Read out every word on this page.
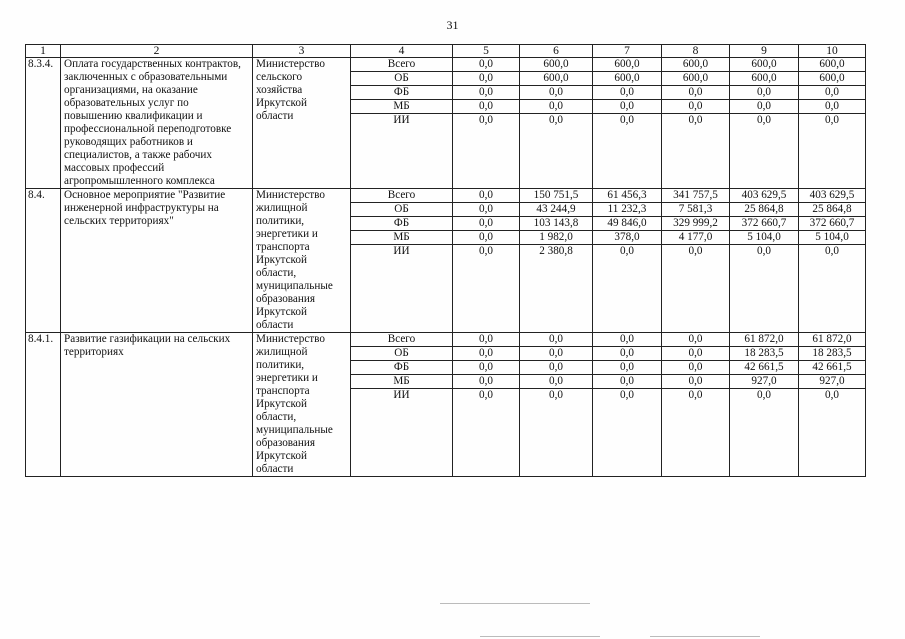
31
1	2	3	4	5	6	7	8	9	10
8.3.4.	Оплата государственных контрактов, заключенных с образовательными организациями, на оказание образовательных услуг по повышению квалификации и профессиональной переподготовке руководящих работников и специалистов, а также рабочих массовых профессий агропромышленного комплекса	Министерство сельского хозяйства Иркутской области	Всего	0,0	600,0	600,0	600,0	600,0	600,0
			ОБ	0,0	600,0	600,0	600,0	600,0	600,0
			ФБ	0,0	0,0	0,0	0,0	0,0	0,0
			МБ	0,0	0,0	0,0	0,0	0,0	0,0
			ИИ	0,0	0,0	0,0	0,0	0,0	0,0

8.4.	Основное мероприятие "Развитие инженерной инфраструктуры на сельских территориях"	Министерство жилищной политики, энергетики и транспорта Иркутской области, муниципальные образования Иркутской области	Всего	0,0	150 751,5	61 456,3	341 757,5	403 629,5	403 629,5
			ОБ	0,0	43 244,9	11 232,3	7 581,3	25 864,8	25 864,8
			ФБ	0,0	103 143,8	49 846,0	329 999,2	372 660,7	372 660,7
			МБ	0,0	1 982,0	378,0	4 177,0	5 104,0	5 104,0
			ИИ	0,0	2 380,8	0,0	0,0	0,0	0,0

8.4.1.	Развитие газификации на сельских территориях	Министерство жилищной политики, энергетики и транспорта Иркутской области, муниципальные образования Иркутской области	Всего	0,0	0,0	0,0	0,0	61 872,0	61 872,0
			ОБ	0,0	0,0	0,0	0,0	18 283,5	18 283,5
			ФБ	0,0	0,0	0,0	0,0	42 661,5	42 661,5
			МБ	0,0	0,0	0,0	0,0	927,0	927,0
			ИИ	0,0	0,0	0,0	0,0	0,0	0,0
